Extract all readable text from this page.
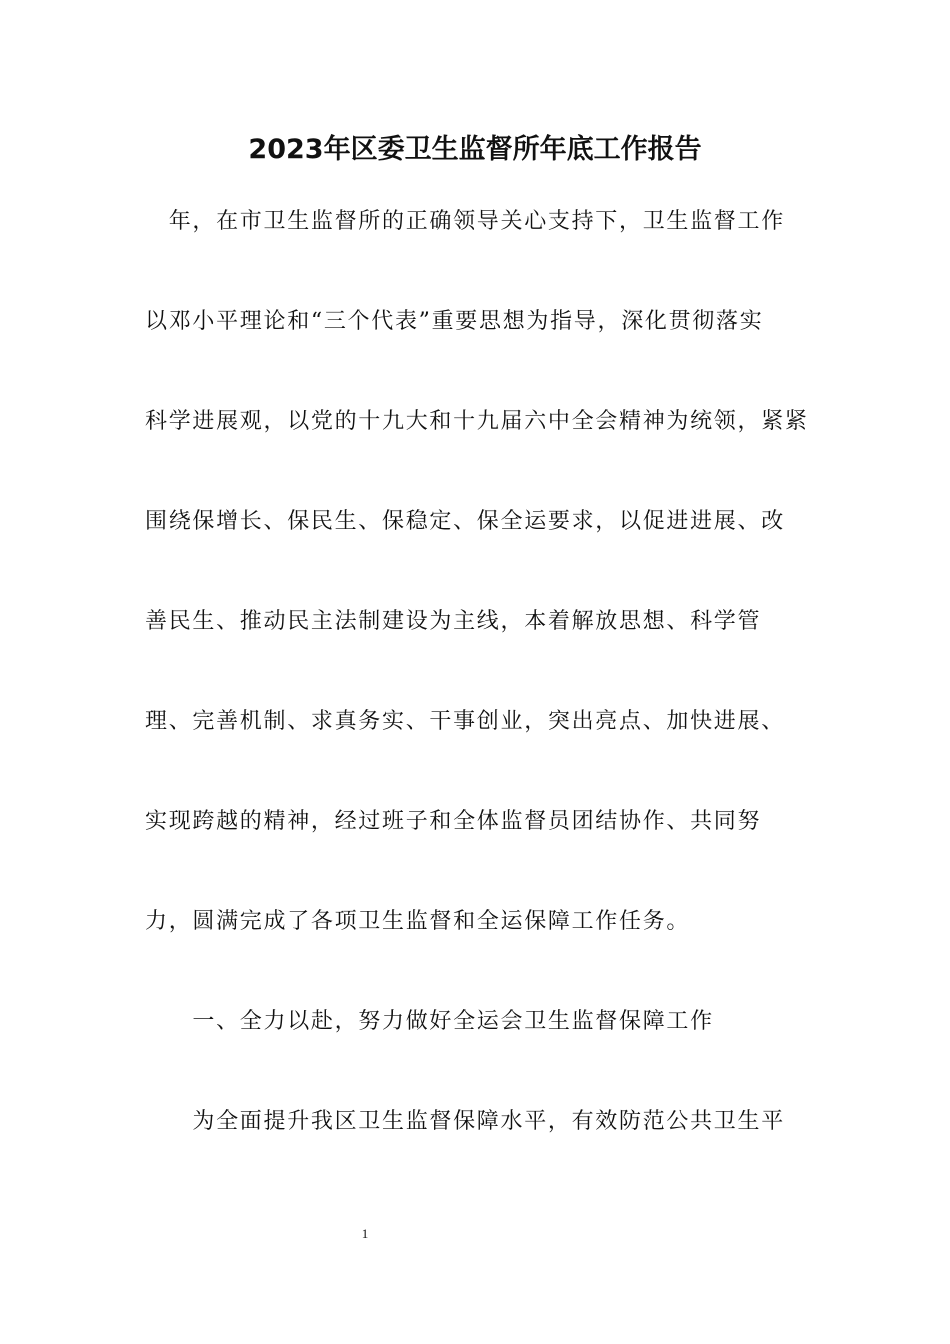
2023年区委卫生监督所年底工作报告
　年，在市卫生监督所的正确领导关心支持下，卫生监督工作
以邓小平理论和“三个代表”重要思想为指导，深化贯彻落实
科学进展观，以党的十九大和十九届六中全会精神为统领，紧紧
围绕保增长、保民生、保稳定、保全运要求，以促进进展、改
善民生、推动民主法制建设为主线，本着解放思想、科学管
理、完善机制、求真务实、干事创业，突出亮点、加快进展、
实现跨越的精神，经过班子和全体监督员团结协作、共同努
力，圆满完成了各项卫生监督和全运保障工作任务。
　　一、全力以赴，努力做好全运会卫生监督保障工作
　　为全面提升我区卫生监督保障水平，有效防范公共卫生平
1
